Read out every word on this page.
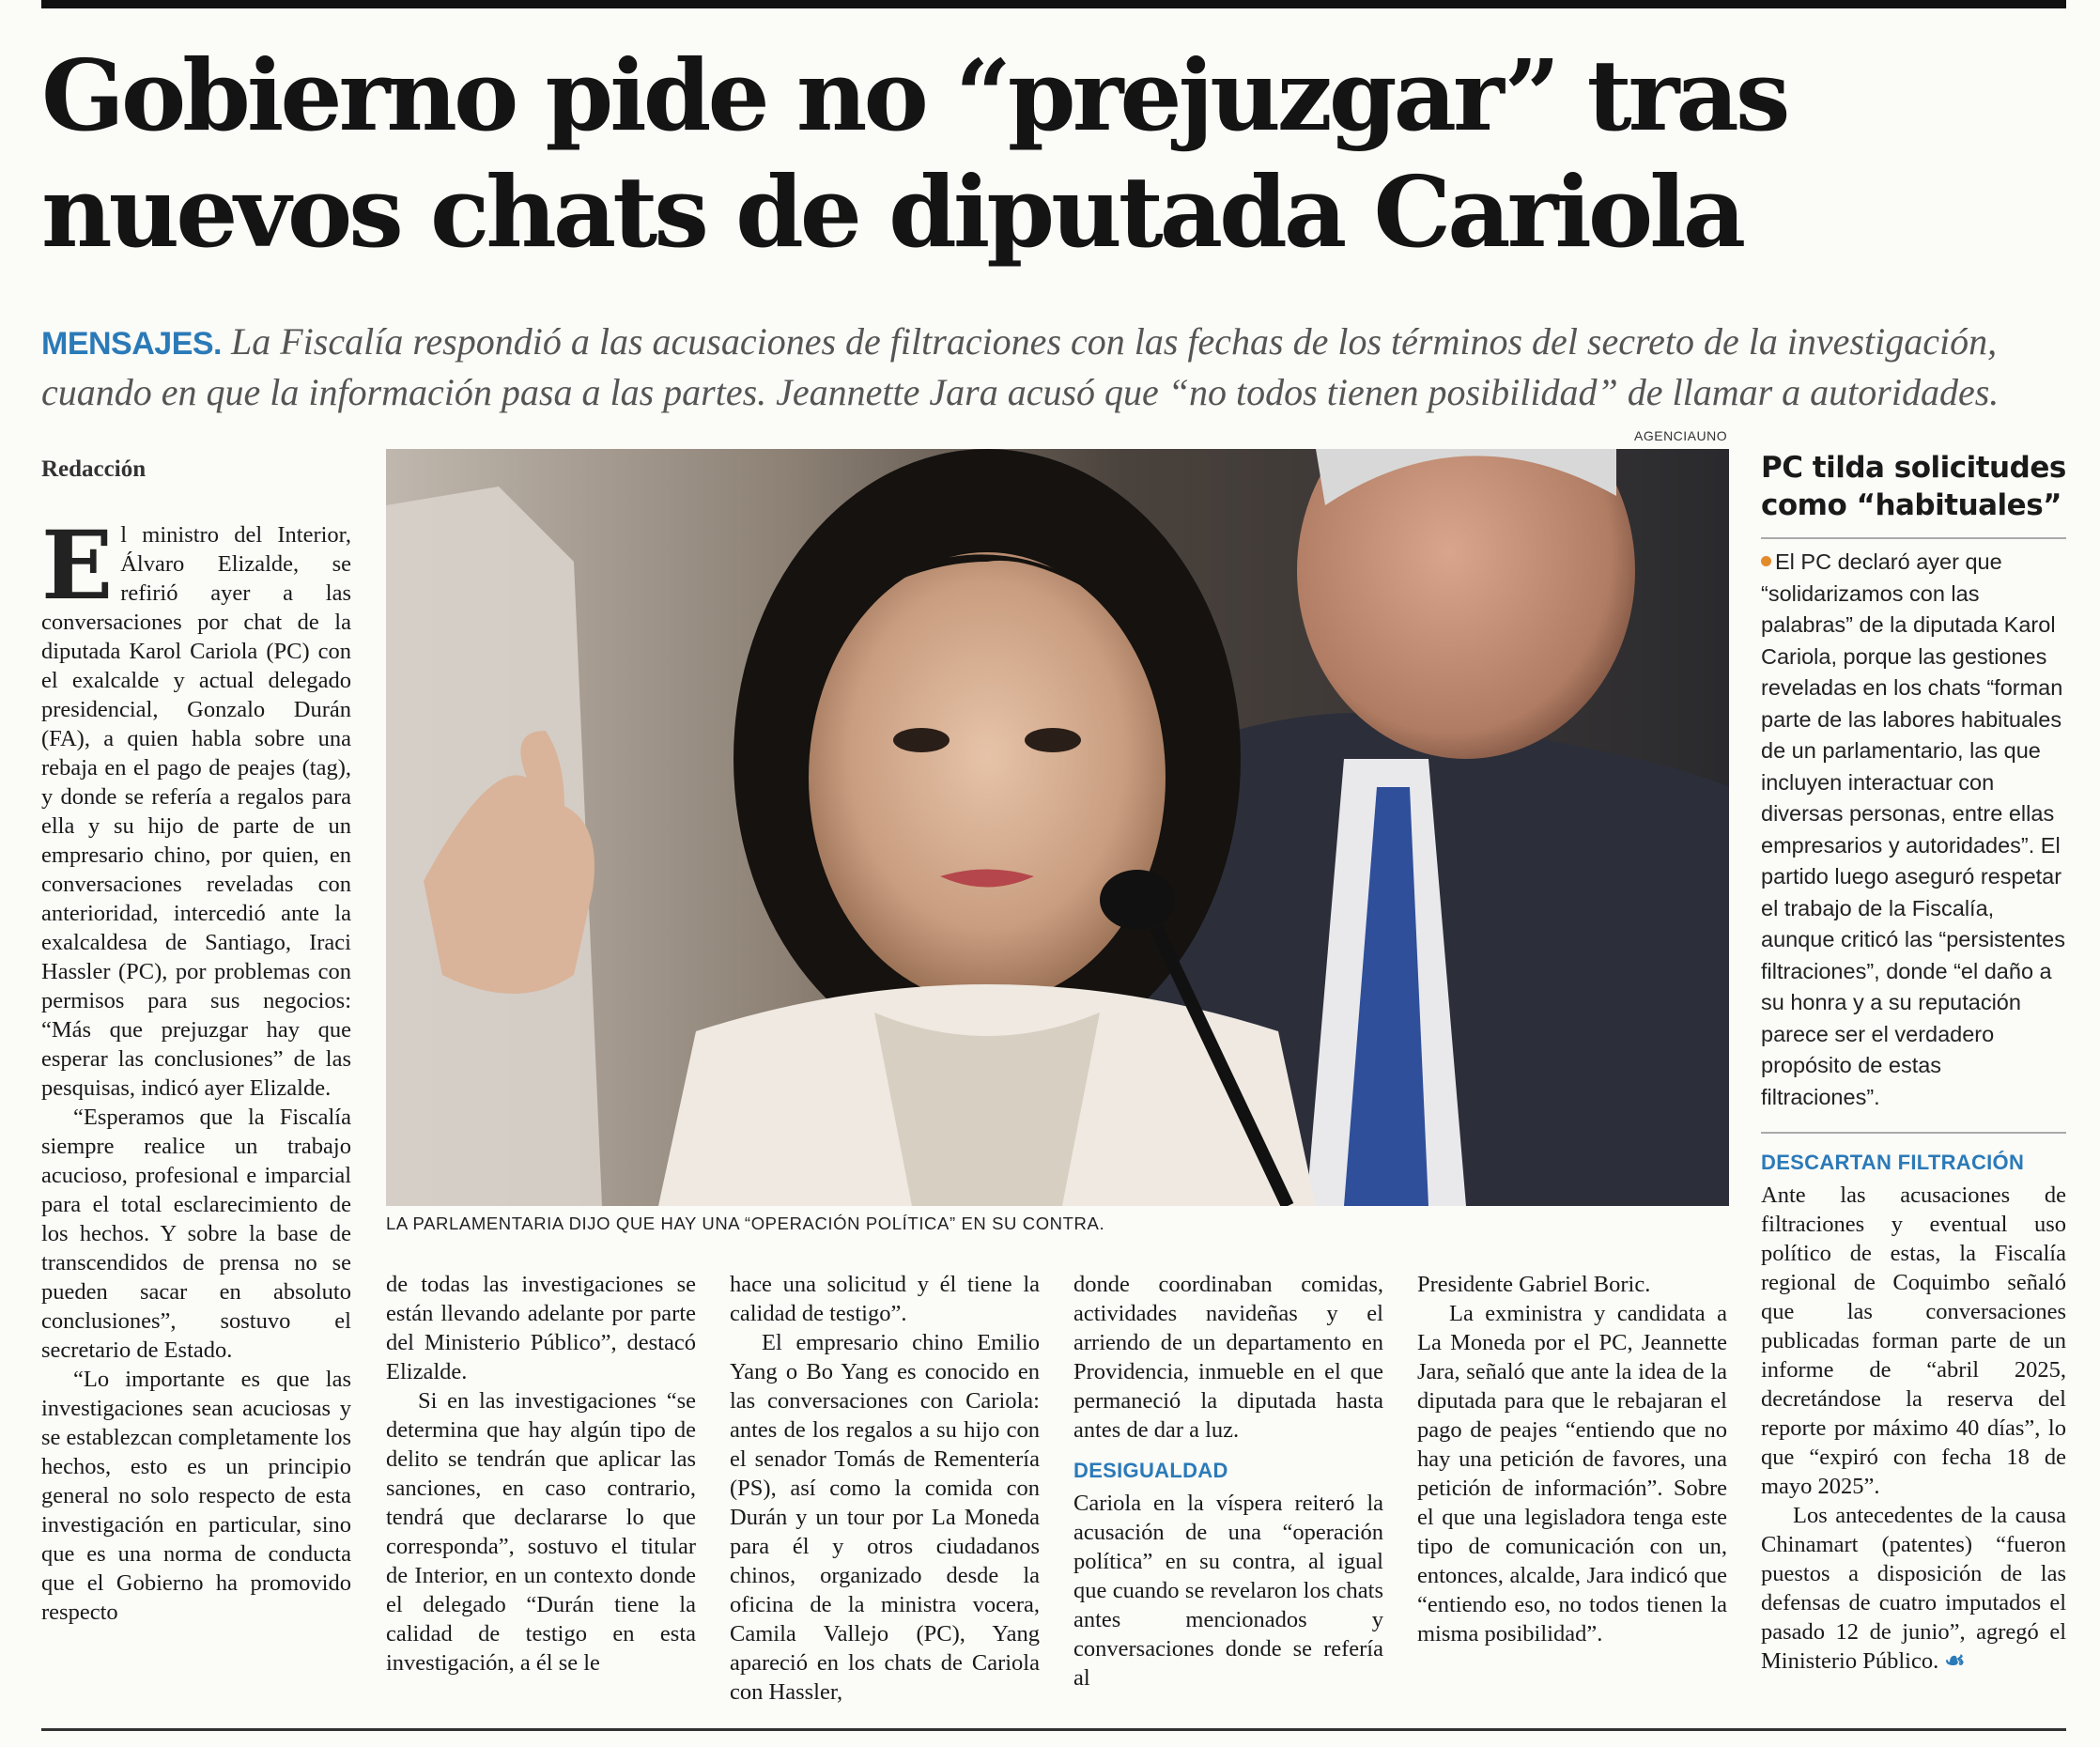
Gobierno pide no “prejuzgar” tras
nuevos chats de diputada Cariola
MENSAJES. La Fiscalía respondió a las acusaciones de filtraciones con las fechas de los términos del secreto de la investigación,
cuando en que la información pasa a las partes. Jeannette Jara acusó que “no todos tienen posibilidad” de llamar a autoridades.
Redacción

El ministro del Interior, Álvaro Elizalde, se refirió ayer a las conversaciones por chat de la diputada Karol Cariola (PC) con el exalcalde y actual delegado presidencial, Gonzalo Durán (FA), a quien habla sobre una rebaja en el pago de peajes (tag), y donde se refería a regalos para ella y su hijo de parte de un empresario chino, por quien, en conversaciones reveladas con anterioridad, intercedió ante la exalcaldesa de Santiago, Iraci Hassler (PC), por problemas con permisos para sus negocios: “Más que prejuzgar hay que esperar las conclusiones” de las pesquisas, indicó ayer Elizalde.

“Esperamos que la Fiscalía siempre realice un trabajo acucioso, profesional e imparcial para el total esclarecimiento de los hechos. Y sobre la base de transcendidos de prensa no se pueden sacar en absoluto conclusiones”, sostuvo el secretario de Estado.

“Lo importante es que las investigaciones sean acuciosas y se establezcan completamente los hechos, esto es un principio general no solo respecto de esta investigación en particular, sino que es una norma de conducta que el Gobierno ha promovido respecto

AGENCIAUNO
LA PARLAMENTARIA DIJO QUE HAY UNA “OPERACIÓN POLÍTICA” EN SU CONTRA.

de todas las investigaciones se están llevando adelante por parte del Ministerio Público”, destacó Elizalde.

Si en las investigaciones “se determina que hay algún tipo de delito se tendrán que aplicar las sanciones, en caso contrario, tendrá que declararse lo que corresponda”, sostuvo el titular de Interior, en un contexto donde el delegado “Durán tiene la calidad de testigo en esta investigación, a él se le

hace una solicitud y él tiene la calidad de testigo”.

El empresario chino Emilio Yang o Bo Yang es conocido en las conversaciones con Cariola: antes de los regalos a su hijo con el senador Tomás de Rementería (PS), así como la comida con Durán y un tour por La Moneda para él y otros ciudadanos chinos, organizado desde la oficina de la ministra vocera, Camila Vallejo (PC), Yang apareció en los chats de Cariola con Hassler,

donde coordinaban comidas, actividades navideñas y el arriendo de un departamento en Providencia, inmueble en el que permaneció la diputada hasta antes de dar a luz.

DESIGUALDAD

Cariola en la víspera reiteró la acusación de una “operación política” en su contra, al igual que cuando se revelaron los chats antes mencionados y conversaciones donde se refería al

Presidente Gabriel Boric.

La exministra y candidata a La Moneda por el PC, Jeannette Jara, señaló que ante la idea de la diputada para que le rebajaran el pago de peajes “entiendo que no hay una petición de favores, una petición de información”. Sobre el que una legisladora tenga este tipo de comunicación con un, entonces, alcalde, Jara indicó que “entiendo eso, no todos tienen la misma posibilidad”.

PC tilda solicitudes como “habituales”
El PC declaró ayer que “solidarizamos con las palabras” de la diputada Karol Cariola, porque las gestiones reveladas en los chats “forman parte de las labores habituales de un parlamentario, las que incluyen interactuar con diversas personas, entre ellas empresarios y autoridades”. El partido luego aseguró respetar el trabajo de la Fiscalía, aunque criticó las “persistentes filtraciones”, donde “el daño a su honra y a su reputación parece ser el verdadero propósito de estas filtraciones”.
DESCARTAN FILTRACIÓN

Ante las acusaciones de filtraciones y eventual uso político de estas, la Fiscalía regional de Coquimbo señaló que las conversaciones publicadas forman parte de un informe de “abril 2025, decretándose la reserva del reporte por máximo 40 días”, lo que “expiró con fecha 18 de mayo 2025”.

Los antecedentes de la causa Chinamart (patentes) “fueron puestos a disposición de las defensas de cuatro imputados el pasado 12 de junio”, agregó el Ministerio Público. ☙
